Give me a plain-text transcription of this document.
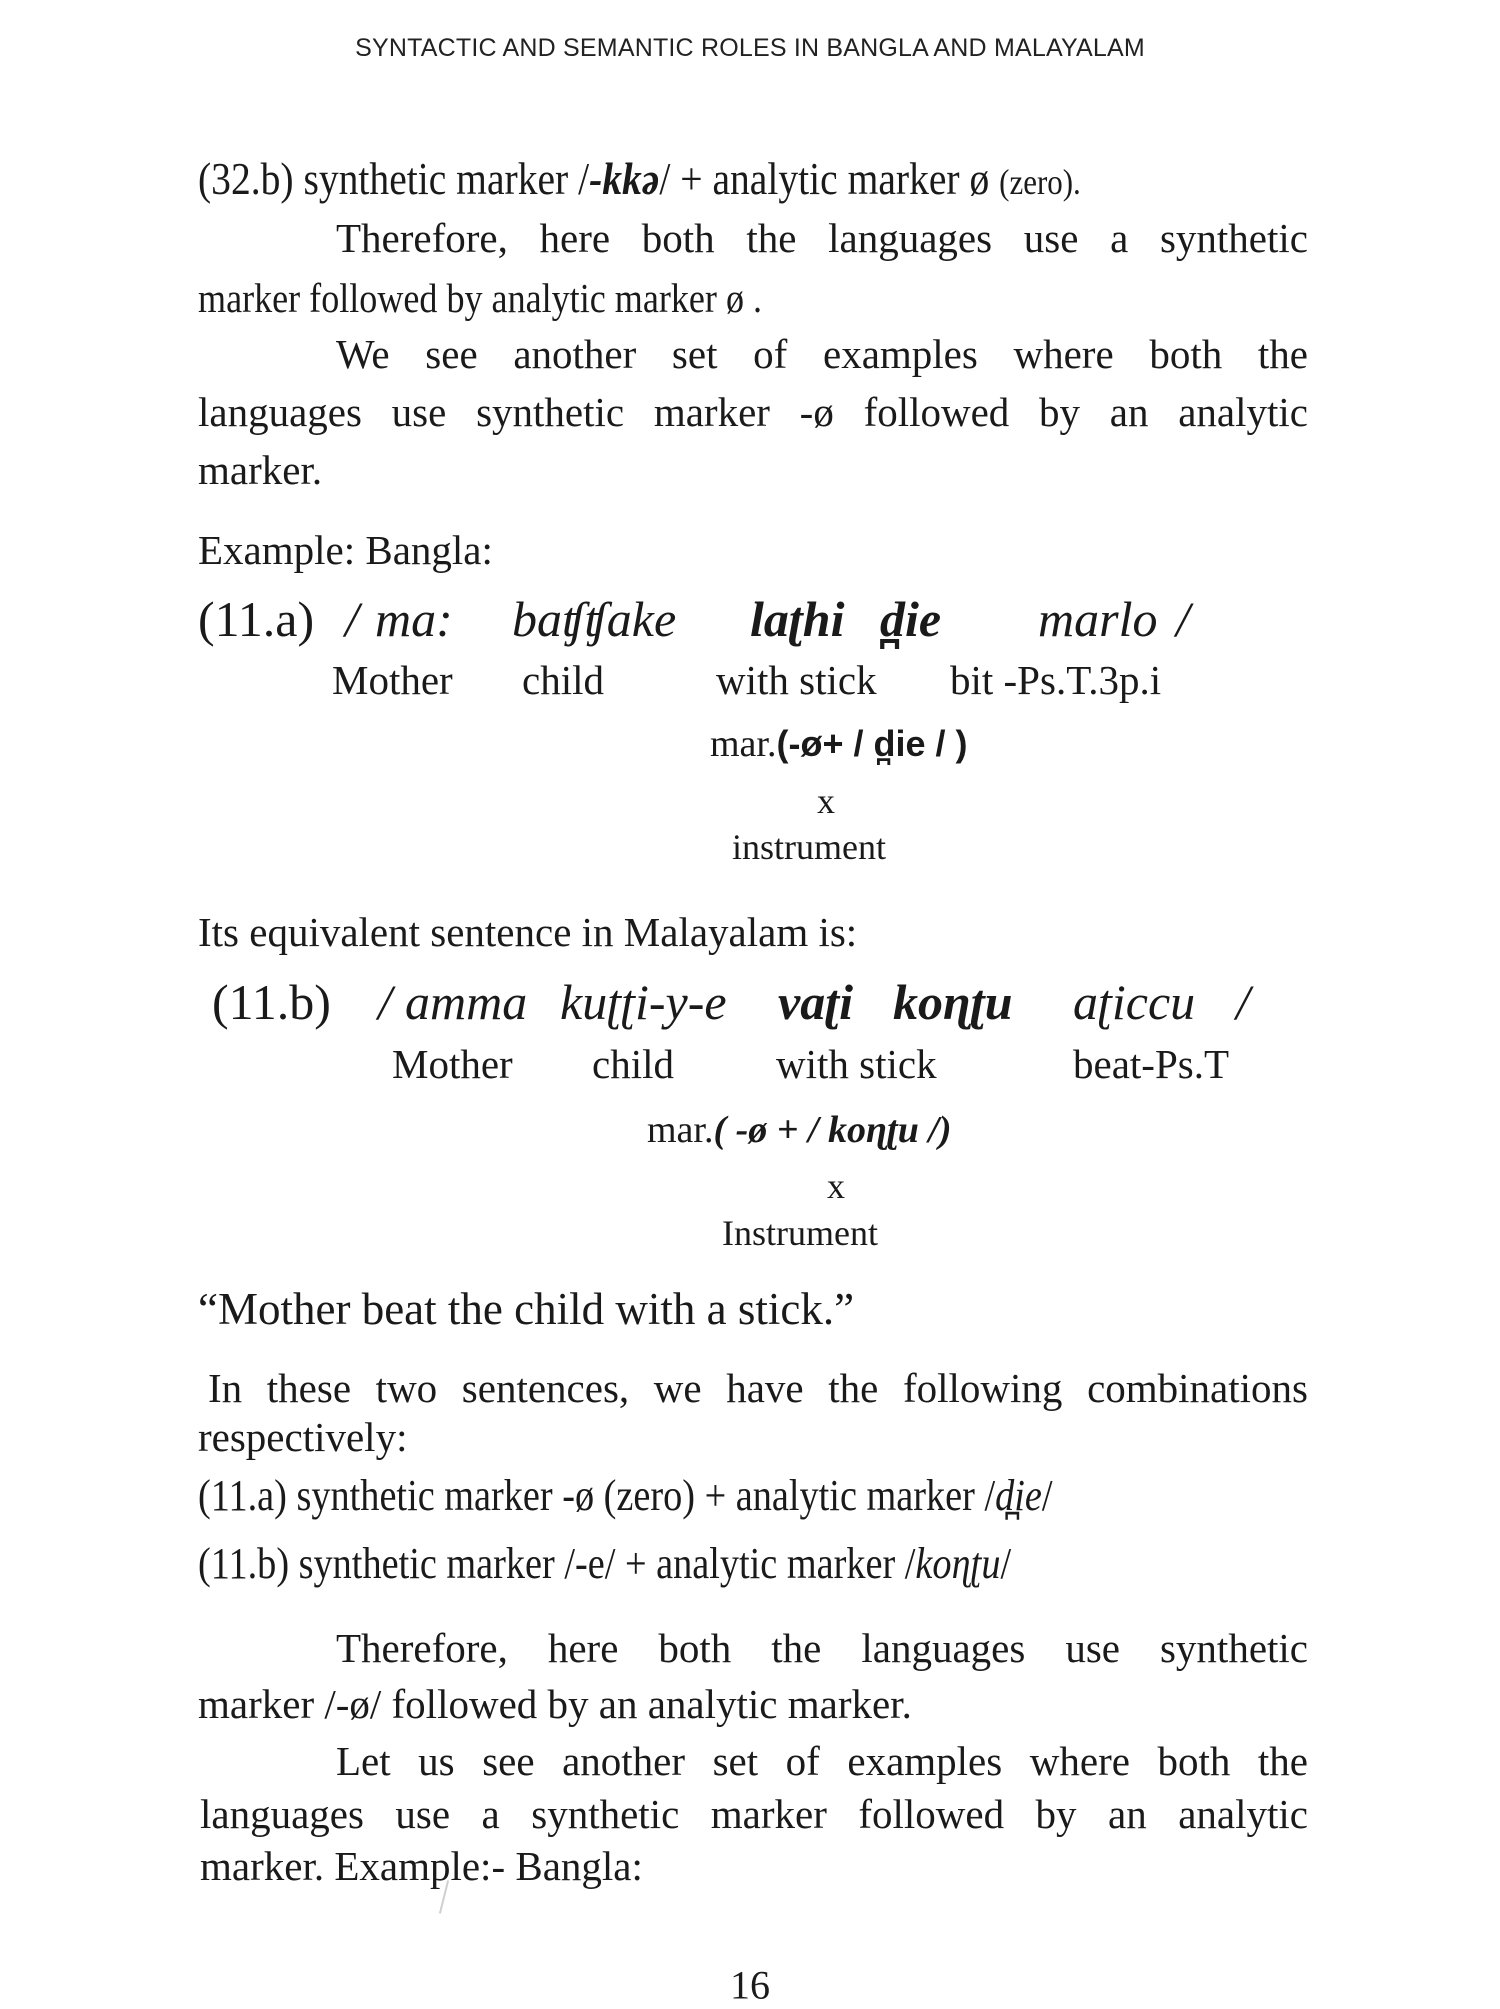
SYNTACTIC AND SEMANTIC ROLES IN BANGLA AND MALAYALAM
(32.b) synthetic marker /-kkə/ + analytic marker ø (zero).
Therefore, here both the languages use a synthetic
marker followed by analytic marker ø .
We see another set of examples where both the
languages use synthetic marker -ø followed by an analytic
marker.
Example: Bangla:
(11.a) / ma: baʧʧake laʈhi d̪ie marlo /
Mother child	with stick bit -Ps.T.3p.i
mar.(-ø+ / d̪ie / )
x
instrument
Its equivalent sentence in Malayalam is:
(11.b) / amma kuʈʈi-y-e vaʈi koɳʈu aʈiccu /
Mother child with stick	beat-Ps.T
mar.( -ø + / koɳʈu /)
x
Instrument
“Mother beat the child with a stick.”
In these two sentences, we have the following combinations
respectively:
(11.a) synthetic marker -ø (zero) + analytic marker /d̪ie/
(11.b) synthetic marker /-e/ + analytic marker /koɳʈu/
Therefore, here both the languages use synthetic
marker /-ø/ followed by an analytic marker.
Let us see another set of examples where both the
languages use a synthetic marker followed by an analytic
marker. Example:- Bangla:
16
